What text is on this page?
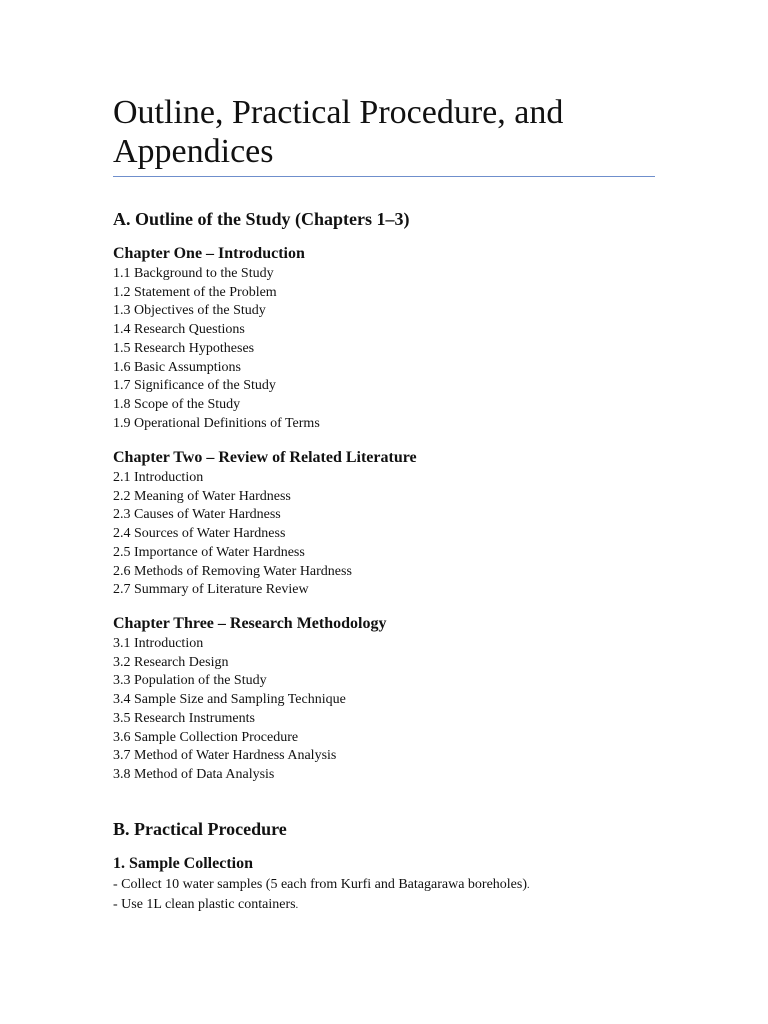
Outline, Practical Procedure, and Appendices
A. Outline of the Study (Chapters 1–3)
Chapter One – Introduction
1.1 Background to the Study
1.2 Statement of the Problem
1.3 Objectives of the Study
1.4 Research Questions
1.5 Research Hypotheses
1.6 Basic Assumptions
1.7 Significance of the Study
1.8 Scope of the Study
1.9 Operational Definitions of Terms
Chapter Two – Review of Related Literature
2.1 Introduction
2.2 Meaning of Water Hardness
2.3 Causes of Water Hardness
2.4 Sources of Water Hardness
2.5 Importance of Water Hardness
2.6 Methods of Removing Water Hardness
2.7 Summary of Literature Review
Chapter Three – Research Methodology
3.1 Introduction
3.2 Research Design
3.3 Population of the Study
3.4 Sample Size and Sampling Technique
3.5 Research Instruments
3.6 Sample Collection Procedure
3.7 Method of Water Hardness Analysis
3.8 Method of Data Analysis
B. Practical Procedure
1. Sample Collection
- Collect 10 water samples (5 each from Kurfi and Batagarawa boreholes).
- Use 1L clean plastic containers.
